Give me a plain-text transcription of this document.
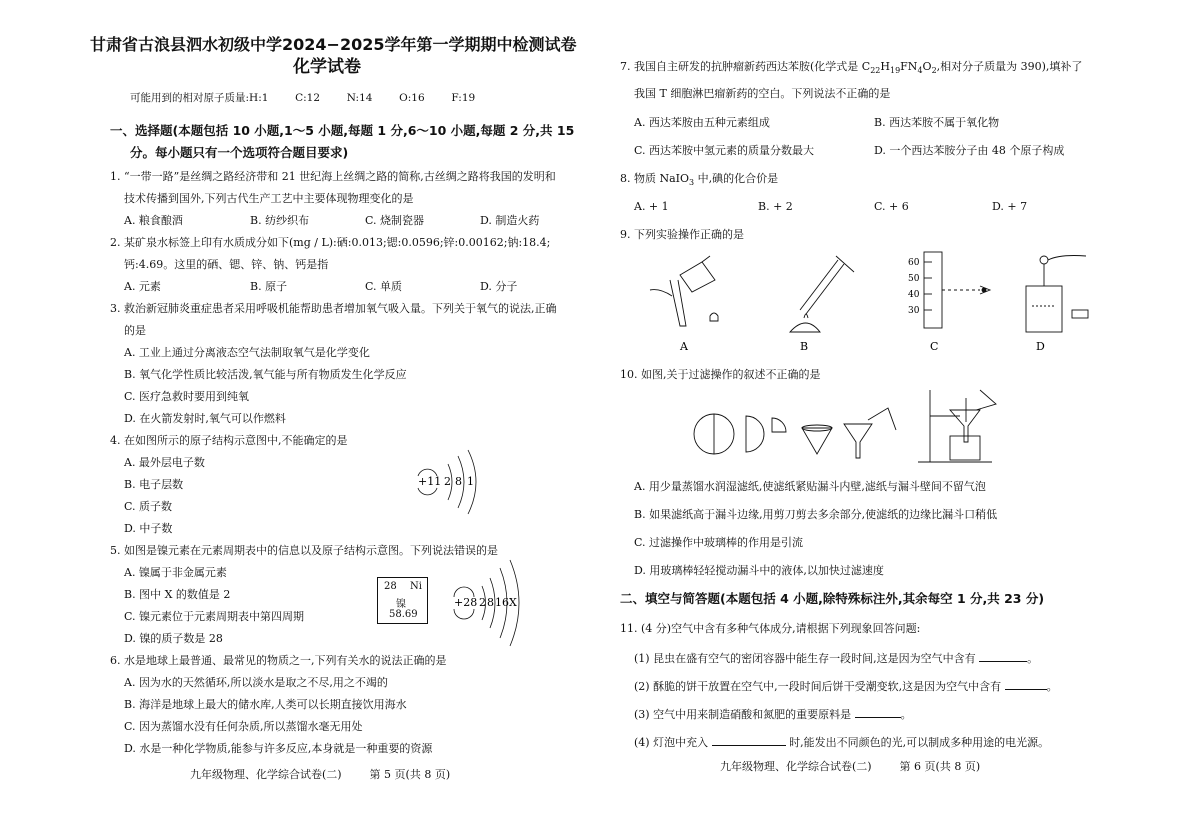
甘肃省古浪县泗水初级中学2024−2025学年第一学期期中检测试卷
化学试卷
可能用到的相对原子质量:H:1        C:12        N:14        O:16        F:19
一、选择题(本题包括 10 小题,1～5 小题,每题 1 分,6～10 小题,每题 2 分,共 15
分。每小题只有一个选项符合题目要求)
1. “一带一路”是丝绸之路经济带和 21 世纪海上丝绸之路的简称,古丝绸之路将我国的发明和
技术传播到国外,下列古代生产工艺中主要体现物理变化的是
A. 粮食酿酒	B. 纺纱织布	C. 烧制瓷器	D. 制造火药
2. 某矿泉水标签上印有水质成分如下(mg / L):硒:0.013;锶:0.0596;锌:0.00162;钠:18.4;
钙:4.69。这里的硒、锶、锌、钠、钙是指
A. 元素	B. 原子	C. 单质	D. 分子
3. 救治新冠肺炎重症患者采用呼吸机能帮助患者增加氧气吸入量。下列关于氧气的说法,正确
的是
A. 工业上通过分离液态空气法制取氧气是化学变化
B. 氧气化学性质比较活泼,氧气能与所有物质发生化学反应
C. 医疗急救时要用到纯氧
D. 在火箭发射时,氧气可以作燃料
4. 在如图所示的原子结构示意图中,不能确定的是
A. 最外层电子数
B. 电子层数
C. 质子数
D. 中子数
+11 2 8 1
5. 如图是镍元素在元素周期表中的信息以及原子结构示意图。下列说法错误的是
A. 镍属于非金属元素
B. 图中 X 的数值是 2
C. 镍元素位于元素周期表中第四周期
D. 镍的质子数是 28
28 Ni
镍
58.69
+28 2 8 16 X
6. 水是地球上最普通、最常见的物质之一,下列有关水的说法正确的是
A. 因为水的天然循环,所以淡水是取之不尽,用之不竭的
B. 海洋是地球上最大的储水库,人类可以长期直接饮用海水
C. 因为蒸馏水没有任何杂质,所以蒸馏水毫无用处
D. 水是一种化学物质,能参与许多反应,本身就是一种重要的资源
九年级物理、化学综合试卷(二)        第 5 页(共 8 页)
7. 我国自主研发的抗肿瘤新药西达苯胺(化学式是 $C_{22}H_{19}FN_4O_2$,相对分子质量为 390),填补了
我国 T 细胞淋巴瘤新药的空白。下列说法不正确的是
A. 西达苯胺由五种元素组成	B. 西达苯胺不属于氧化物
C. 西达苯胺中氢元素的质量分数最大	D. 一个西达苯胺分子由 48 个原子构成
8. 物质 NaIO$_3$ 中,碘的化合价是
A. + 1	B. + 2	C. + 6	D. + 7
9. 下列实验操作正确的是
60
50
40
30
A	B	C	D
10. 如图,关于过滤操作的叙述不正确的是
A. 用少量蒸馏水润湿滤纸,使滤纸紧贴漏斗内壁,滤纸与漏斗壁间不留气泡
B. 如果滤纸高于漏斗边缘,用剪刀剪去多余部分,使滤纸的边缘比漏斗口稍低
C. 过滤操作中玻璃棒的作用是引流
D. 用玻璃棒轻轻搅动漏斗中的液体,以加快过滤速度
二、填空与简答题(本题包括 4 小题,除特殊标注外,其余每空 1 分,共 23 分)
11. (4 分)空气中含有多种气体成分,请根据下列现象回答问题:
(1) 昆虫在盛有空气的密闭容器中能生存一段时间,这是因为空气中含有	。
(2) 酥脆的饼干放置在空气中,一段时间后饼干受潮变软,这是因为空气中含有	。
(3) 空气中用来制造硝酸和氮肥的重要原料是	。
(4) 灯泡中充入	时,能发出不同颜色的光,可以制成多种用途的电光源。
九年级物理、化学综合试卷(二)        第 6 页(共 8 页)
